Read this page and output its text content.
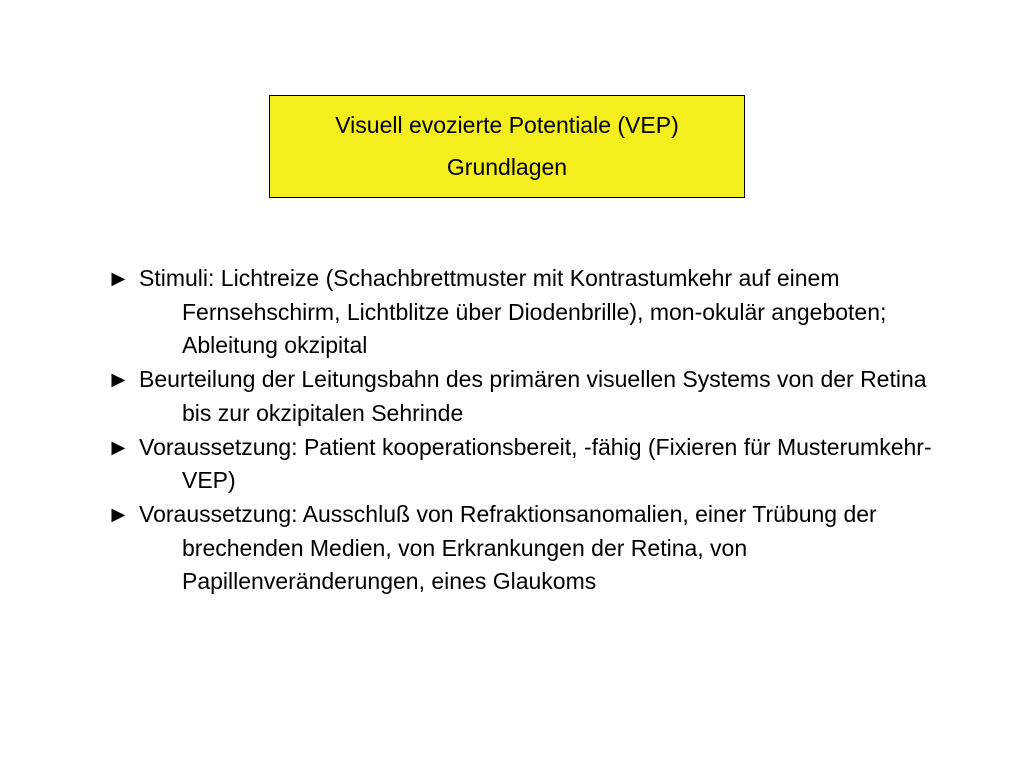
Visuell evozierte Potentiale (VEP)
Grundlagen
► Stimuli: Lichtreize (Schachbrettmuster mit Kontrastumkehr auf einem Fernsehschirm, Lichtblitze über Diodenbrille), mon-okulär angeboten; Ableitung okzipital
► Beurteilung der Leitungsbahn des primären visuellen Systems von der Retina bis zur okzipitalen Sehrinde
► Voraussetzung: Patient kooperationsbereit, -fähig (Fixieren für Musterumkehr-VEP)
► Voraussetzung: Ausschluß von Refraktionsanomalien, einer Trübung der brechenden Medien, von Erkrankungen der Retina, von Papillenveränderungen, eines Glaukoms
